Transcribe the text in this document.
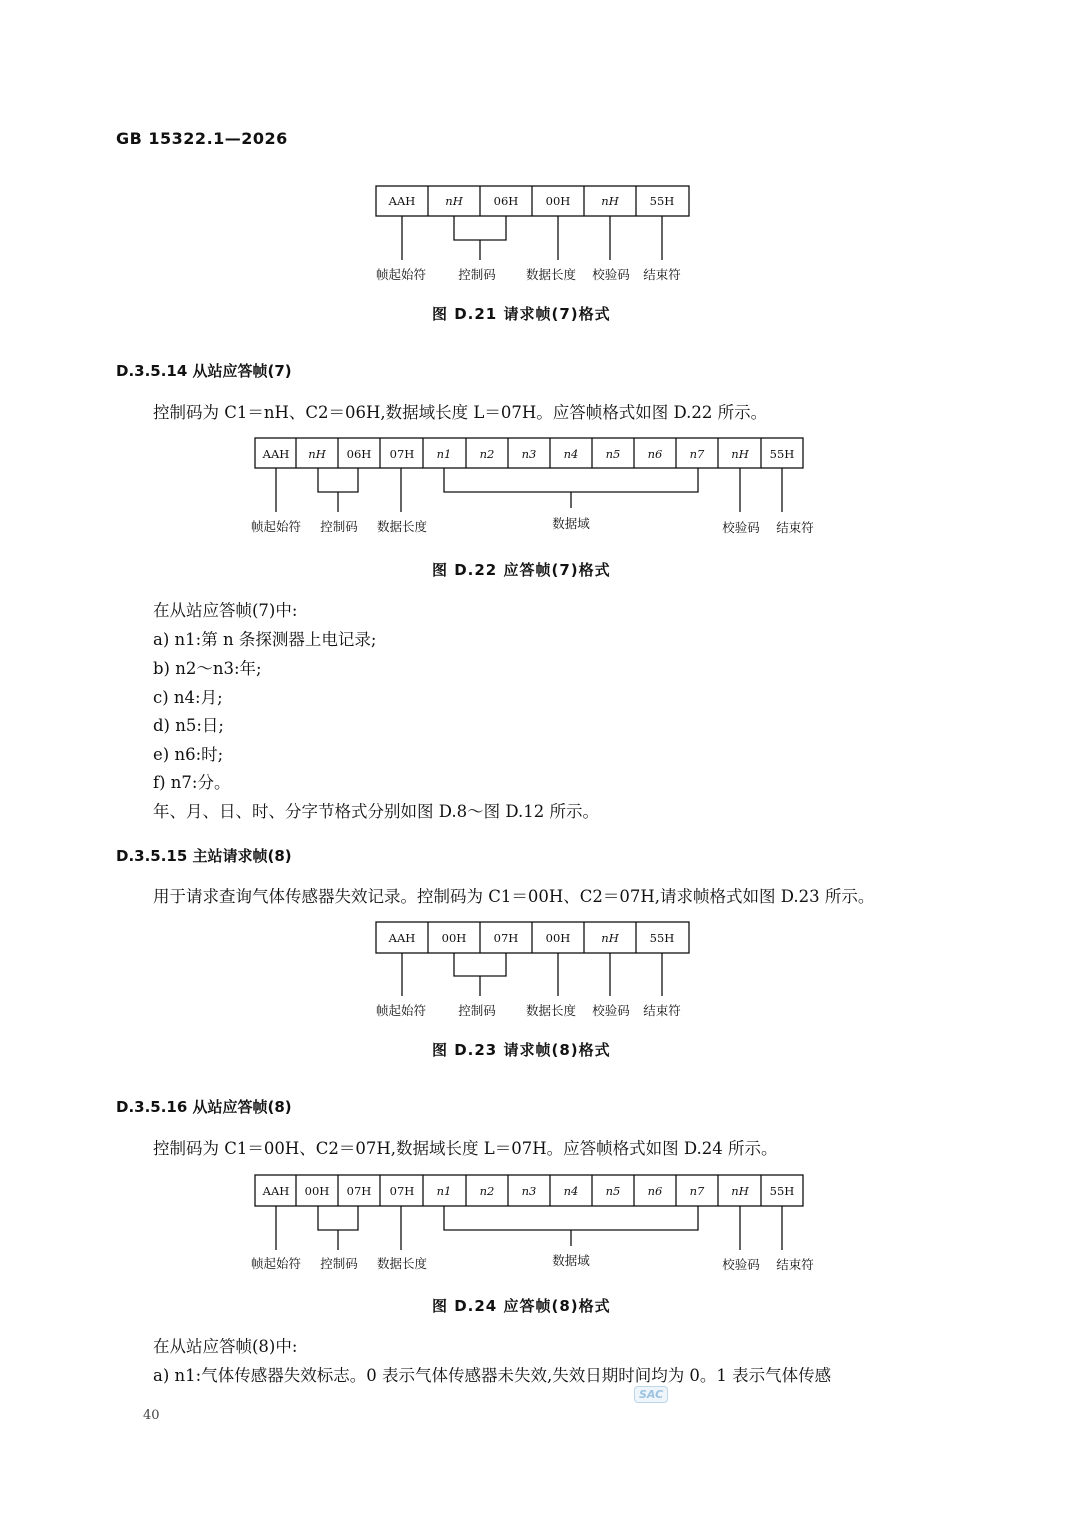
GB 15322.1—2026
AAH	nH	06H 00H	nH	55H
帧起始符	控制码 数据长度 校验码 结束符
图 D.21 请求帧(7)格式
D.3.5.14 从站应答帧(7)
控制码为 C1＝nH、C2＝06H,数据域长度 L＝07H。应答帧格式如图 D.22 所示。
AAH nH 06H 07H n1 n2 n3 n4 n5 n6 n7 nH 55H
帧起始符 控制码 数据长度	数据域	校验码 结束符
图 D.22 应答帧(7)格式
在从站应答帧(7)中:
a) n1:第 n 条探测器上电记录;
b) n2～n3:年;
c) n4:月;
d) n5:日;
e) n6:时;
f) n7:分。
年、月、日、时、分字节格式分别如图 D.8～图 D.12 所示。
D.3.5.15 主站请求帧(8)
用于请求查询气体传感器失效记录。控制码为 C1＝00H、C2＝07H,请求帧格式如图 D.23 所示。
AAH 00H 07H 00H	nH	55H
帧起始符	控制码 数据长度 校验码 结束符
图 D.23 请求帧(8)格式
D.3.5.16 从站应答帧(8)
控制码为 C1＝00H、C2＝07H,数据域长度 L＝07H。应答帧格式如图 D.24 所示。
AAH 00H 07H 07H n1 n2 n3 n4 n5 n6 n7 nH 55H
帧起始符 控制码 数据长度	数据域	校验码 结束符
图 D.24 应答帧(8)格式
在从站应答帧(8)中:
a) n1:气体传感器失效标志。0 表示气体传感器未失效,失效日期时间均为 0。1 表示气体传感
40
SAC
